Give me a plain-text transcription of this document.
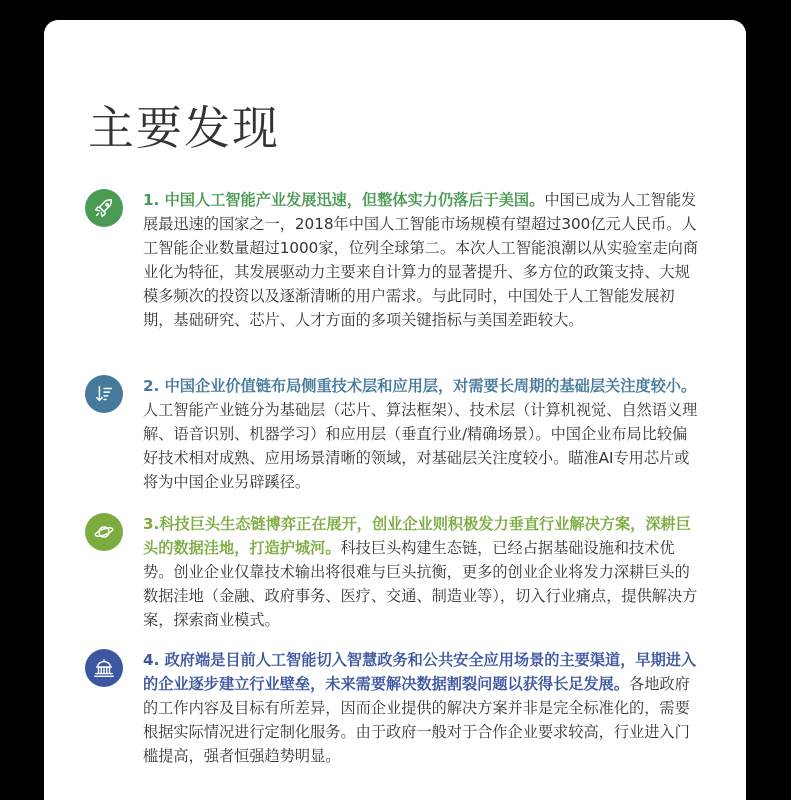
主要发现

1. 中国人工智能产业发展迅速，但整体实力仍落后于美国。中国已成为人工智能发展最迅速的国家之一，2018年中国人工智能市场规模有望超过300亿元人民币。人工智能企业数量超过1000家，位列全球第二。本次人工智能浪潮以从实验室走向商业化为特征，其发展驱动力主要来自计算力的显著提升、多方位的政策支持、大规模多频次的投资以及逐渐清晰的用户需求。与此同时，中国处于人工智能发展初期，基础研究、芯片、人才方面的多项关键指标与美国差距较大。

2. 中国企业价值链布局侧重技术层和应用层，对需要长周期的基础层关注度较小。人工智能产业链分为基础层（芯片、算法框架）、技术层（计算机视觉、自然语义理解、语音识别、机器学习）和应用层（垂直行业/精确场景）。中国企业布局比较偏好技术相对成熟、应用场景清晰的领域，对基础层关注度较小。瞄准AI专用芯片或将为中国企业另辟蹊径。

3.科技巨头生态链博弈正在展开，创业企业则积极发力垂直行业解决方案，深耕巨头的数据洼地，打造护城河。科技巨头构建生态链，已经占据基础设施和技术优势。创业企业仅靠技术输出将很难与巨头抗衡，更多的创业企业将发力深耕巨头的数据洼地（金融、政府事务、医疗、交通、制造业等），切入行业痛点，提供解决方案，探索商业模式。

4. 政府端是目前人工智能切入智慧政务和公共安全应用场景的主要渠道，早期进入的企业逐步建立行业壁垒，未来需要解决数据割裂问题以获得长足发展。各地政府的工作内容及目标有所差异，因而企业提供的解决方案并非是完全标准化的，需要根据实际情况进行定制化服务。由于政府一般对于合作企业要求较高，行业进入门槛提高，强者恒强趋势明显。
